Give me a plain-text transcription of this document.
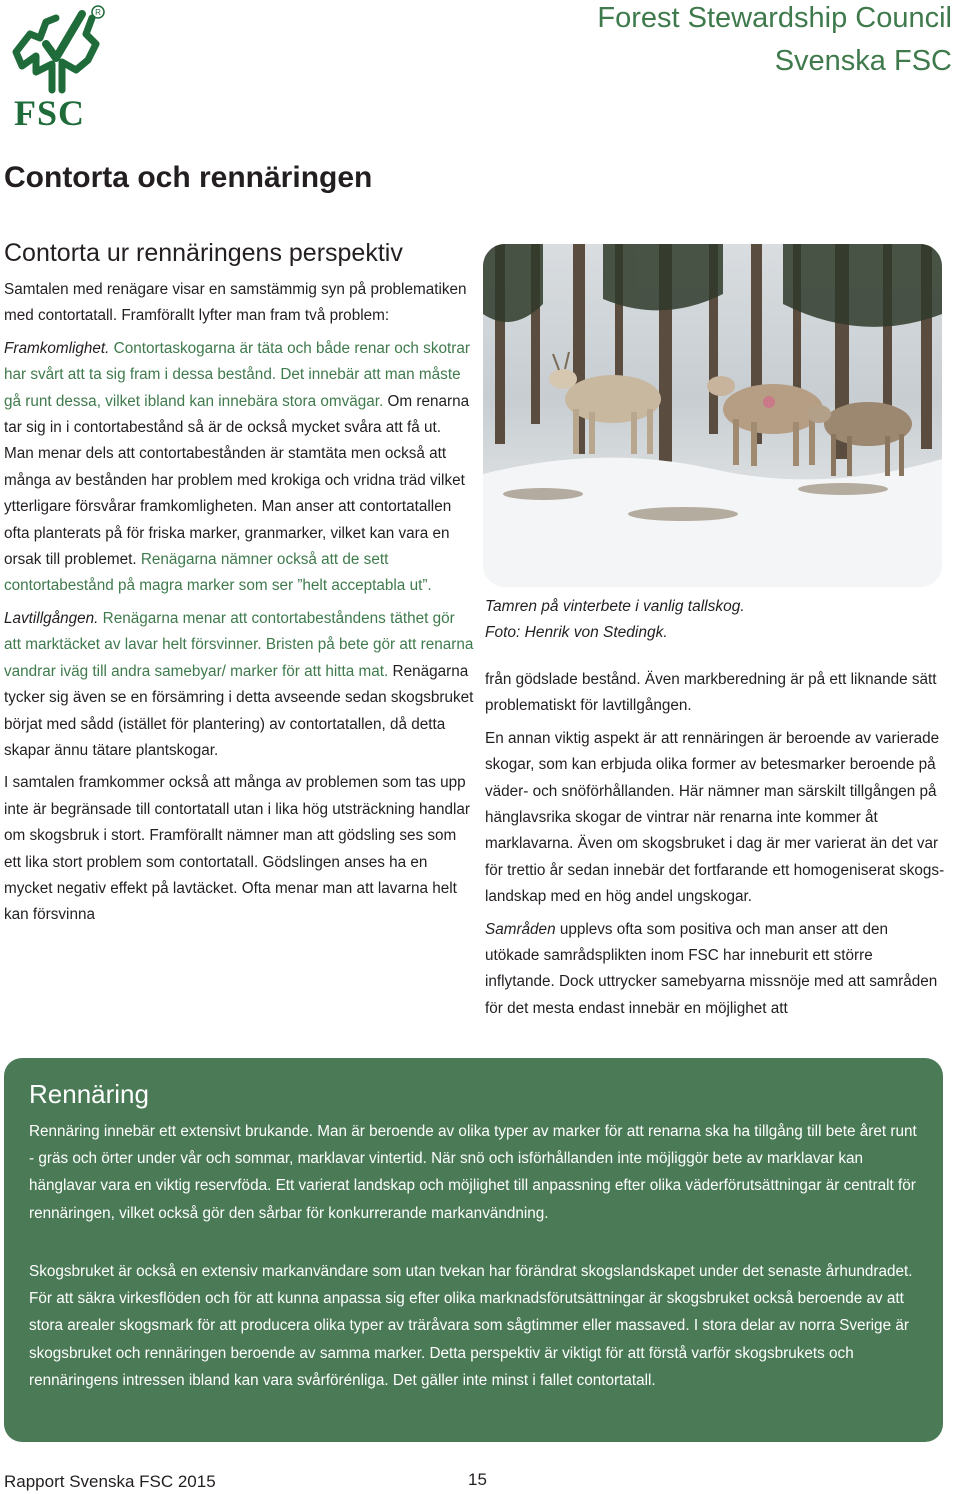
R
FSC
Forest Stewardship Council
Svenska FSC
Contorta och rennäringen
Contorta ur rennäringens perspektiv

Samtalen med renägare visar en samstämmig syn på problematiken med contortatall. Framförallt lyfter man fram två problem:

Framkomlighet. Contortaskogarna är täta och både renar och skotrar har svårt att ta sig fram i dessa bestånd. Det innebär att man måste gå runt dessa, vilket ibland kan innebära stora omvägar. Om renarna tar sig in i contortabestånd så är de också mycket svåra att få ut. Man menar dels att contortabestånden är stamtäta men också att många av bestånden har problem med krokiga och vridna träd vilket ytterligare försvårar framkomligheten. Man anser att contortatallen ofta planterats på för friska marker, granmarker, vilket kan vara en orsak till problemet. Renägarna nämner också att de sett contortabestånd på magra marker som ser ”helt acceptabla ut”.

Lavtillgången. Renägarna menar att contortabeståndens täthet gör att marktäcket av lavar helt försvinner. Bristen på bete gör att renarna vandrar iväg till andra samebyar/ marker för att hitta mat. Renägarna tycker sig även se en försämring i detta avseende sedan skogsbruket börjat med sådd (istället för plantering) av contortatallen, då detta skapar ännu tätare plantskogar.

I samtalen framkommer också att många av problemen som tas upp inte är begränsade till contortatall utan i lika hög utsträckning handlar om skogsbruk i stort. Framförallt nämner man att gödsling ses som ett lika stort problem som contortatall. Gödslingen anses ha en mycket negativ effekt på lavtäcket. Ofta menar man att lavarna helt kan försvinna

Tamren på vinterbete i vanlig tallskog.
Foto: Henrik von Stedingk.

från gödslade bestånd. Även markberedning är på ett liknande sätt problematiskt för lavtillgången.

En annan viktig aspekt är att rennäringen är beroende av varierade skogar, som kan erbjuda olika former av betesmarker beroende på väder- och snöförhållanden. Här nämner man särskilt tillgången på hänglavsrika skogar de vintrar när renarna inte kommer åt marklavarna. Även om skogsbruket i dag är mer varierat än det var för trettio år sedan innebär det fortfarande ett homogeniserat skogslandskap med en hög andel ungskogar.

Samråden upplevs ofta som positiva och man anser att den utökade samrådsplikten inom FSC har inneburit ett större inflytande. Dock uttrycker samebyarna missnöje med att samråden för det mesta endast innebär en möjlighet att

Rennäring
Rennäring innebär ett extensivt brukande. Man är beroende av olika typer av marker för att renarna ska ha tillgång till bete året runt - gräs och örter under vår och sommar, marklavar vintertid. När snö och isförhållanden inte möjliggör bete av marklavar kan hänglavar vara en viktig reservföda. Ett varierat landskap och möjlighet till anpassning efter olika väderförutsättningar är centralt för rennäringen, vilket också gör den sårbar för konkurrerande markanvändning.
Skogsbruket är också en extensiv markanvändare som utan tvekan har förändrat skogslandskapet under det senaste århundradet. För att säkra virkesflöden och för att kunna anpassa sig efter olika marknadsförutsättningar är skogsbruket också beroende av att stora arealer skogsmark för att producera olika typer av träråvara som sågtimmer eller massaved. I stora delar av norra Sverige är skogsbruket och rennäringen beroende av samma marker. Detta perspektiv är viktigt för att förstå varför skogsbrukets och rennäringens intressen ibland kan vara svårförénliga. Det gäller inte minst i fallet contortatall.
Rapport Svenska FSC 2015	15
